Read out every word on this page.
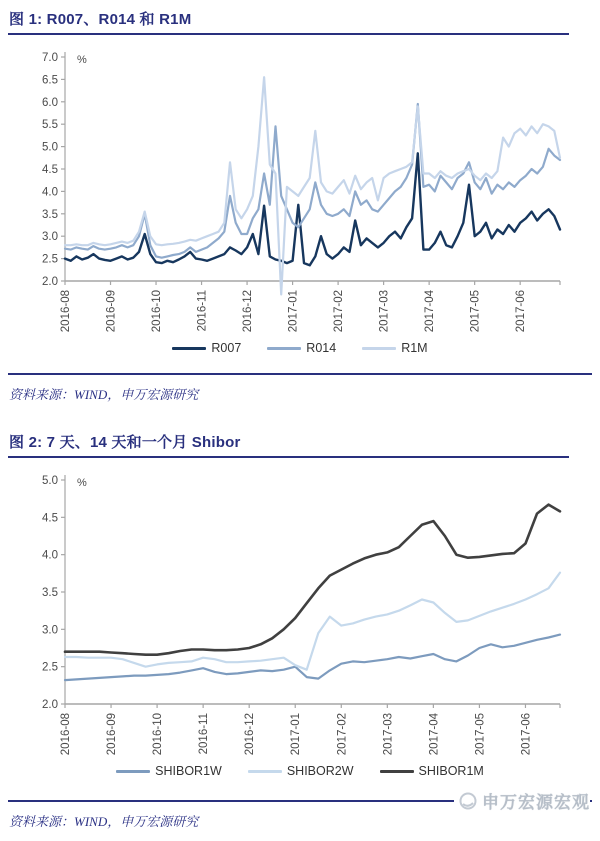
图 1: R007、R014 和 R1M
7.0
6.5
6.0
5.5
5.0
4.5
4.0
3.5
3.0
2.5
2.0
%
2016-08	2016-09	2016-10	2016-11	2016-12	2017-01	2017-02	2017-03	2017-04	2017-05	2017-06
R007	R014	R1M
资料来源：WIND，申万宏源研究
图 2: 7 天、14 天和一个月 Shibor
5.0
4.5
4.0
3.5
3.0
2.5
2.0
%
2016-08	2016-09	2016-10	2016-11	2016-12	2017-01	2017-02	2017-03	2017-04	2017-05	2017-06
SHIBOR1W	SHIBOR2W	SHIBOR1M
申万宏源宏观
资料来源：WIND，申万宏源研究
